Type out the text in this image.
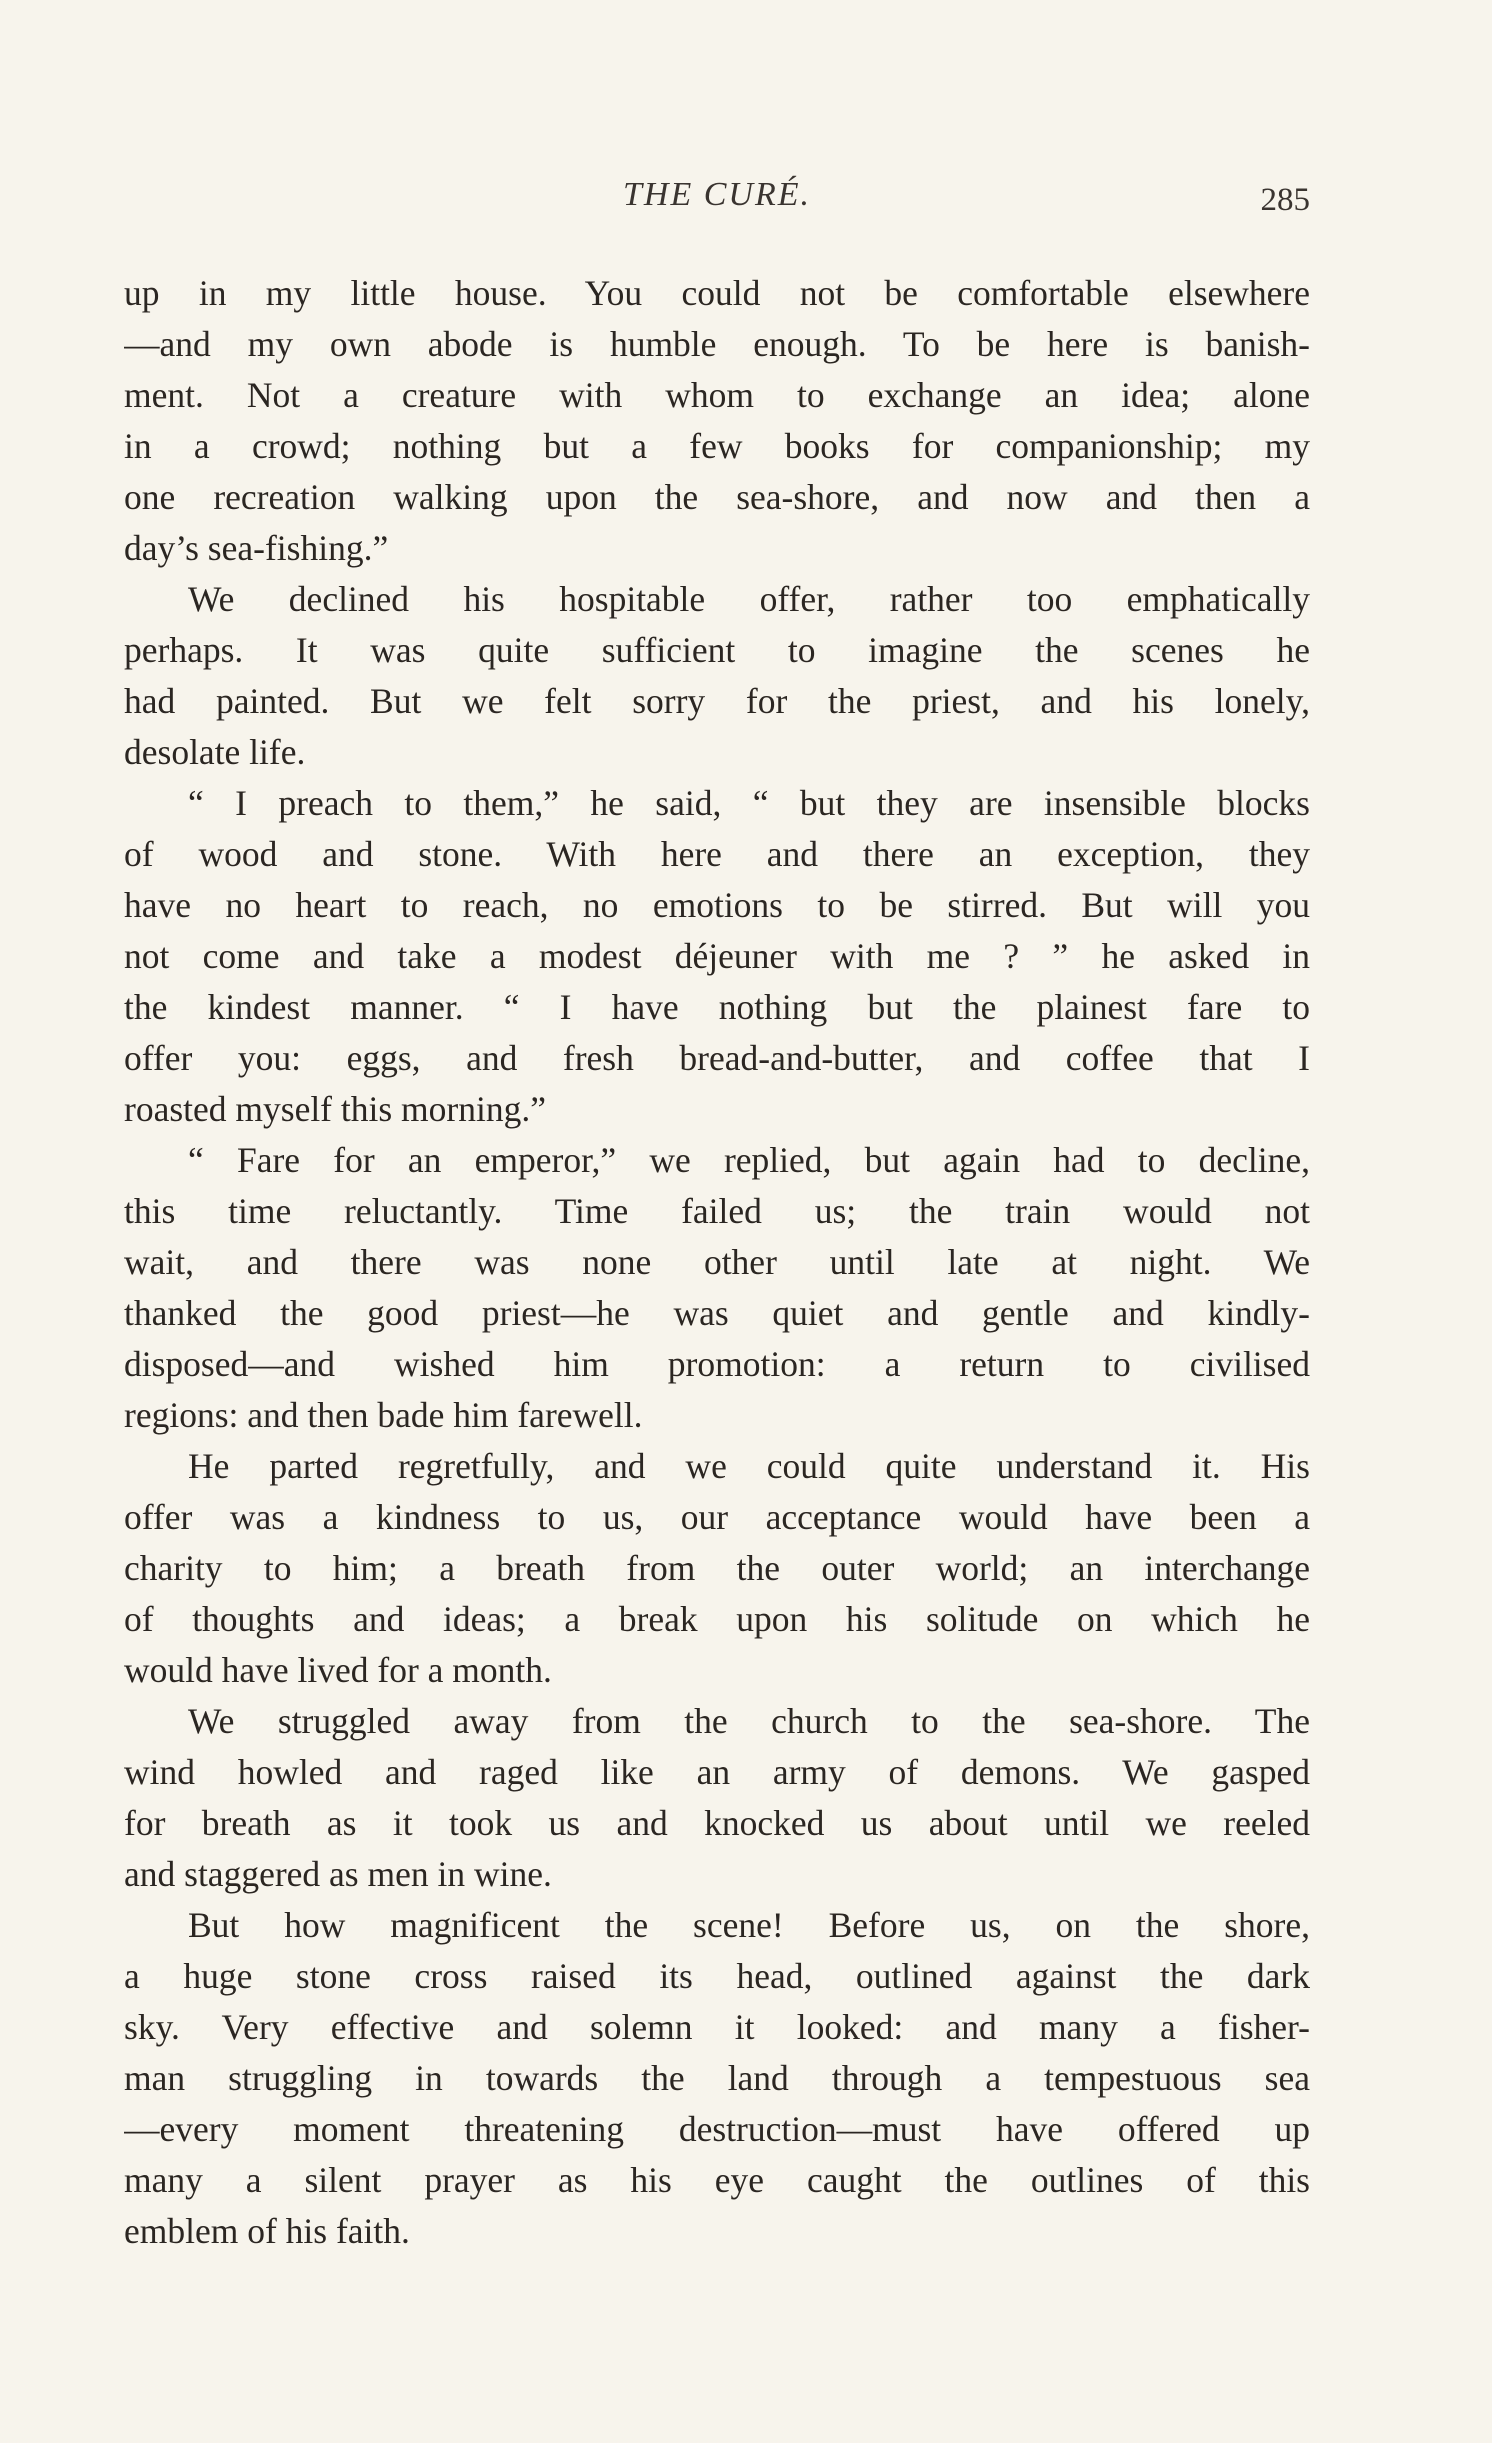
THE CURÉ.	285
up in my little house. You could not be comfortable elsewhere
—and my own abode is humble enough. To be here is banish-
ment. Not a creature with whom to exchange an idea; alone
in a crowd; nothing but a few books for companionship; my
one recreation walking upon the sea-shore, and now and then a
day’s sea-fishing.”
We declined his hospitable offer, rather too emphatically
perhaps. It was quite sufficient to imagine the scenes he
had painted. But we felt sorry for the priest, and his lonely,
desolate life.
“ I preach to them,” he said, “ but they are insensible blocks
of wood and stone. With here and there an exception, they
have no heart to reach, no emotions to be stirred. But will you
not come and take a modest déjeuner with me ? ” he asked in
the kindest manner. “ I have nothing but the plainest fare to
offer you: eggs, and fresh bread-and-butter, and coffee that I
roasted myself this morning.”
“ Fare for an emperor,” we replied, but again had to decline,
this time reluctantly. Time failed us; the train would not
wait, and there was none other until late at night. We
thanked the good priest—he was quiet and gentle and kindly-
disposed—and wished him promotion: a return to civilised
regions: and then bade him farewell.
He parted regretfully, and we could quite understand it. His
offer was a kindness to us, our acceptance would have been a
charity to him; a breath from the outer world; an interchange
of thoughts and ideas; a break upon his solitude on which he
would have lived for a month.
We struggled away from the church to the sea-shore. The
wind howled and raged like an army of demons. We gasped
for breath as it took us and knocked us about until we reeled
and staggered as men in wine.
But how magnificent the scene! Before us, on the shore,
a huge stone cross raised its head, outlined against the dark
sky. Very effective and solemn it looked: and many a fisher-
man struggling in towards the land through a tempestuous sea
—every moment threatening destruction—must have offered up
many a silent prayer as his eye caught the outlines of this
emblem of his faith.
